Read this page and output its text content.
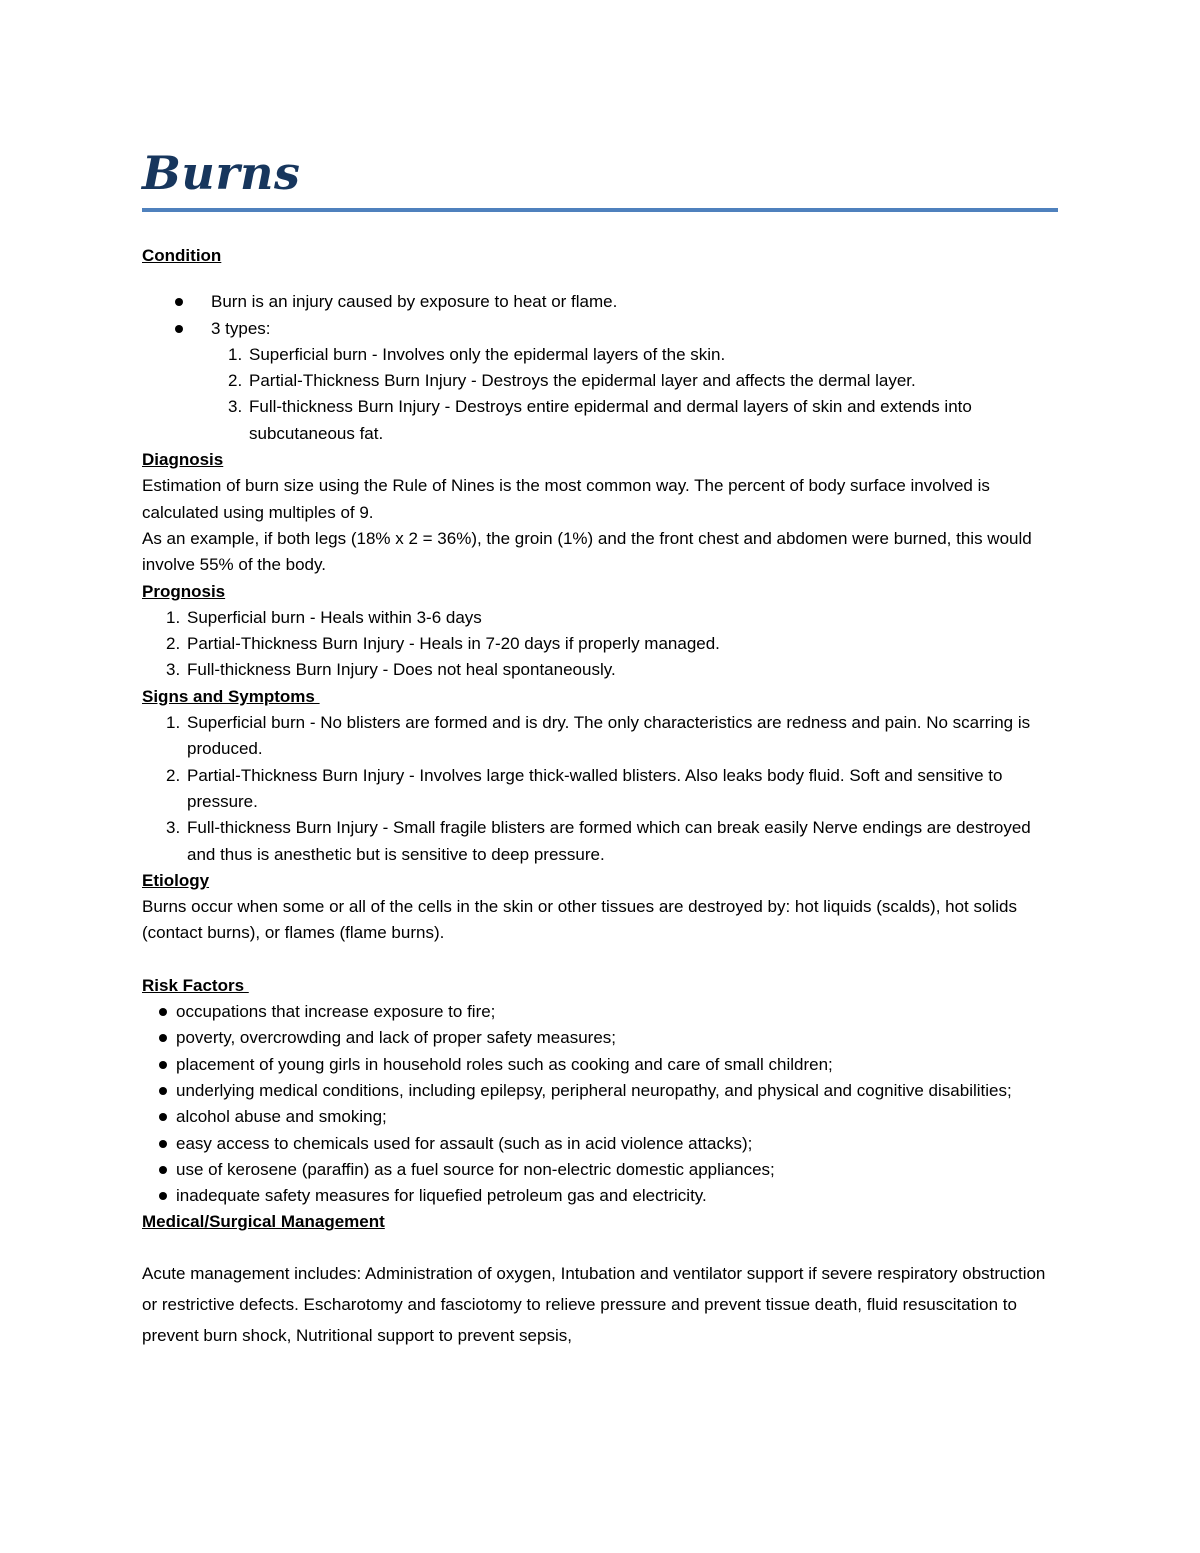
Burns
Condition
Burn is an injury caused by exposure to heat or flame.
3 types:
1. Superficial burn - Involves only the epidermal layers of the skin.
2. Partial-Thickness Burn Injury - Destroys the epidermal layer and affects the dermal layer.
3. Full-thickness Burn Injury - Destroys entire epidermal and dermal layers of skin and extends into subcutaneous fat.
Diagnosis
Estimation of burn size using the Rule of Nines is the most common way. The percent of body surface involved is calculated using multiples of 9.
As an example, if both legs (18% x 2 = 36%), the groin (1%) and the front chest and abdomen were burned, this would involve 55% of the body.
Prognosis
1. Superficial burn - Heals within 3-6 days
2. Partial-Thickness Burn Injury - Heals in 7-20 days if properly managed.
3. Full-thickness Burn Injury - Does not heal spontaneously.
Signs and Symptoms
1. Superficial burn - No blisters are formed and is dry. The only characteristics are redness and pain. No scarring is produced.
2. Partial-Thickness Burn Injury - Involves large thick-walled blisters. Also leaks body fluid. Soft and sensitive to pressure.
3. Full-thickness Burn Injury - Small fragile blisters are formed which can break easily Nerve endings are destroyed and thus is anesthetic but is sensitive to deep pressure.
Etiology
Burns occur when some or all of the cells in the skin or other tissues are destroyed by: hot liquids (scalds), hot solids (contact burns), or flames (flame burns).
Risk Factors
occupations that increase exposure to fire;
poverty, overcrowding and lack of proper safety measures;
placement of young girls in household roles such as cooking and care of small children;
underlying medical conditions, including epilepsy, peripheral neuropathy, and physical and cognitive disabilities;
alcohol abuse and smoking;
easy access to chemicals used for assault (such as in acid violence attacks);
use of kerosene (paraffin) as a fuel source for non-electric domestic appliances;
inadequate safety measures for liquefied petroleum gas and electricity.
Medical/Surgical Management
Acute management includes: Administration of oxygen, Intubation and ventilator support if severe respiratory obstruction or restrictive defects. Escharotomy and fasciotomy to relieve pressure and prevent tissue death, fluid resuscitation to prevent burn shock, Nutritional support to prevent sepsis,
